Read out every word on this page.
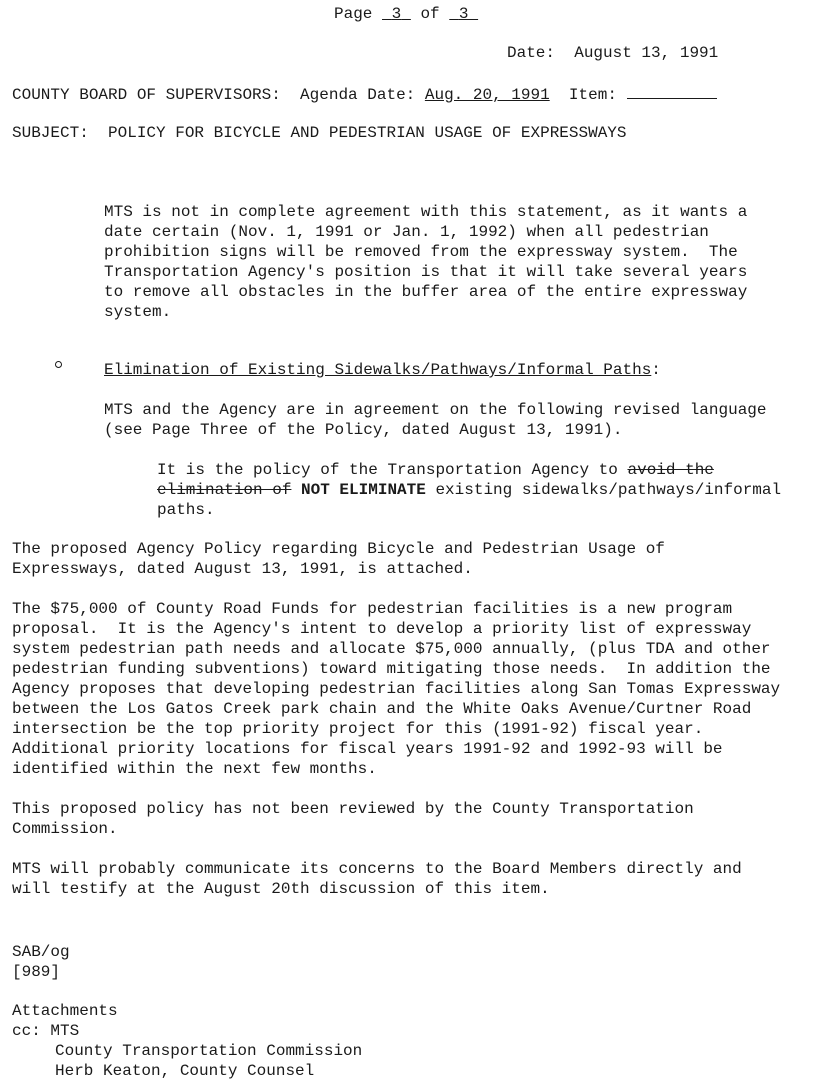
Page 3 of 3
Date: August 13, 1991
COUNTY BOARD OF SUPERVISORS: Agenda Date: Aug. 20, 1991 Item:
SUBJECT: POLICY FOR BICYCLE AND PEDESTRIAN USAGE OF EXPRESSWAYS
MTS is not in complete agreement with this statement, as it wants a
date certain (Nov. 1, 1991 or Jan. 1, 1992) when all pedestrian
prohibition signs will be removed from the expressway system.  The
Transportation Agency's position is that it will take several years
to remove all obstacles in the buffer area of the entire expressway
system.
Elimination of Existing Sidewalks/Pathways/Informal Paths:
MTS and the Agency are in agreement on the following revised language
(see Page Three of the Policy, dated August 13, 1991).
It is the policy of the Transportation Agency to avoid the
elimination of NOT ELIMINATE existing sidewalks/pathways/informal
paths.
The proposed Agency Policy regarding Bicycle and Pedestrian Usage of
Expressways, dated August 13, 1991, is attached.
The $75,000 of County Road Funds for pedestrian facilities is a new program
proposal.  It is the Agency's intent to develop a priority list of expressway
system pedestrian path needs and allocate $75,000 annually, (plus TDA and other
pedestrian funding subventions) toward mitigating those needs.  In addition the
Agency proposes that developing pedestrian facilities along San Tomas Expressway
between the Los Gatos Creek park chain and the White Oaks Avenue/Curtner Road
intersection be the top priority project for this (1991-92) fiscal year.
Additional priority locations for fiscal years 1991-92 and 1992-93 will be
identified within the next few months.
This proposed policy has not been reviewed by the County Transportation
Commission.
MTS will probably communicate its concerns to the Board Members directly and
will testify at the August 20th discussion of this item.
SAB/og
[989]
Attachments
cc: MTS
County Transportation Commission
Herb Keaton, County Counsel
